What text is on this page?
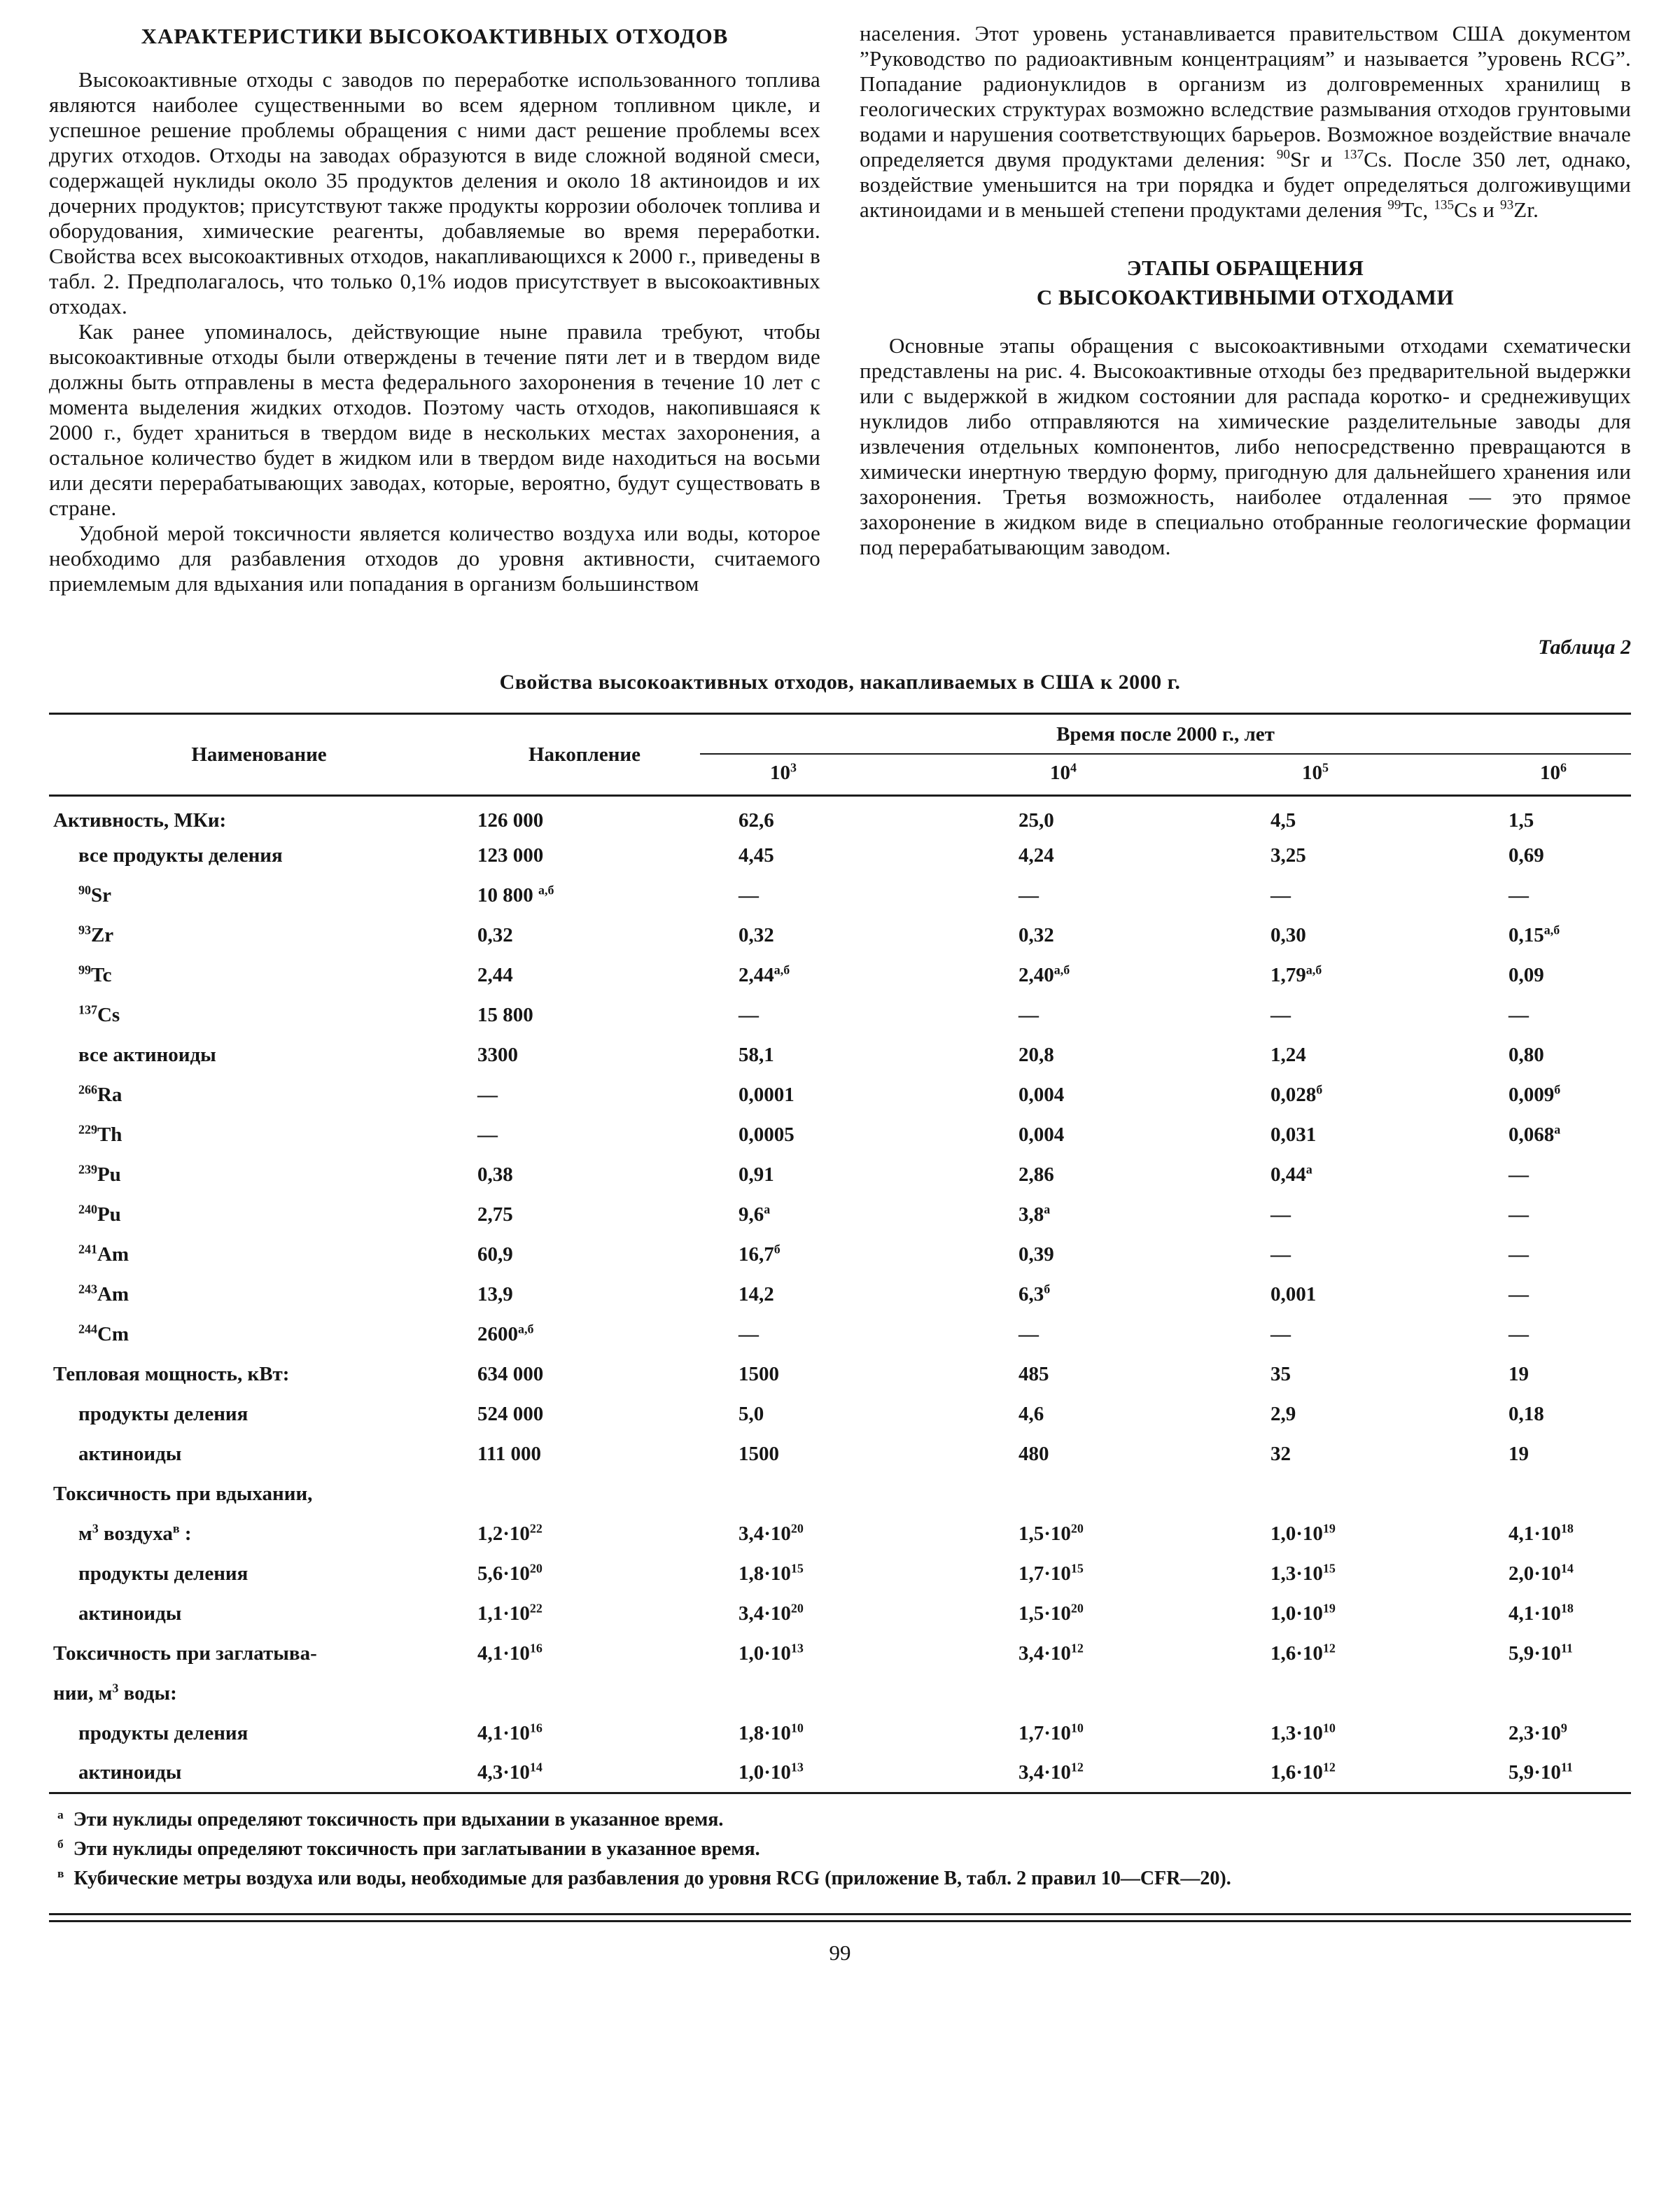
ХАРАКТЕРИСТИКИ ВЫСОКОАКТИВНЫХ ОТХОДОВ

Высокоактивные отходы с заводов по переработке использованного топлива являются наиболее существенными во всем ядерном топливном цикле, и успешное решение проблемы обращения с ними даст решение проблемы всех других отходов. Отходы на заводах образуются в виде сложной водяной смеси, содержащей нуклиды около 35 продуктов деления и около 18 актиноидов и их дочерних продуктов; присутствуют также продукты коррозии оболочек топлива и оборудования, химические реагенты, добавляемые во время переработки. Свойства всех высокоактивных отходов, накапливающихся к 2000 г., приведены в табл. 2. Предполагалось, что только 0,1% иодов присутствует в высокоактивных отходах.

Как ранее упоминалось, действующие ныне правила требуют, чтобы высокоактивные отходы были отверждены в течение пяти лет и в твердом виде должны быть отправлены в места федерального захоронения в течение 10 лет с момента выделения жидких отходов. Поэтому часть отходов, накопившаяся к 2000 г., будет храниться в твердом виде в нескольких местах захоронения, а остальное количество будет в жидком или в твердом виде находиться на восьми или десяти перерабатывающих заводах, которые, вероятно, будут существовать в стране.

Удобной мерой токсичности является количество воздуха или воды, которое необходимо для разбавления отходов до уровня активности, считаемого приемлемым для вдыхания или попадания в организм большинством

населения. Этот уровень устанавливается правительством США документом ”Руководство по радиоактивным концентрациям” и называется ”уровень RCG”. Попадание радионуклидов в организм из долговременных хранилищ в геологических структурах возможно вследствие размывания отходов грунтовыми водами и нарушения соответствующих барьеров. Возможное воздействие вначале определяется двумя продуктами деления: $^{90}$Sr и $^{137}$Cs. После 350 лет, однако, воздействие уменьшится на три порядка и будет определяться долгоживущими актиноидами и в меньшей степени продуктами деления $^{99}$Tc, $^{135}$Cs и $^{93}$Zr.

ЭТАПЫ ОБРАЩЕНИЯ
С ВЫСОКОАКТИВНЫМИ ОТХОДАМИ

Основные этапы обращения с высокоактивными отходами схематически представлены на рис. 4. Высокоактивные отходы без предварительной выдержки или с выдержкой в жидком состоянии для распада коротко- и среднеживущих нуклидов либо отправляются на химические разделительные заводы для извлечения отдельных компонентов, либо непосредственно превращаются в химически инертную твердую форму, пригодную для дальнейшего хранения или захоронения. Третья возможность, наиболее отдаленная — это прямое захоронение в жидком виде в специально отобранные геологические формации под перерабатывающим заводом.

Таблица 2
Свойства высокоактивных отходов, накапливаемых в США к 2000 г.
Наименование	Накопление	Время после 2000 г., лет			
		$10^3$	$10^4$	$10^5$	$10^6$
Активность, МКи:	126 000	62,6	25,0	4,5	1,5
все продукты деления	123 000	4,45	4,24	3,25	0,69
$^{90}$Sr	10 800 $^{а,б}$	—	—	—	—
$^{93}$Zr	0,32	0,32	0,32	0,30	$0,15^{а,б}$
$^{99}$Tc	2,44	$2,44^{а,б}$	$2,40^{а,б}$	$1,79^{а,б}$	0,09
$^{137}$Cs	15 800	—	—	—	—
все актиноиды	3300	58,1	20,8	1,24	0,80
$^{266}$Ra	—	0,0001	0,004	$0,028^б$	$0,009^б$
$^{229}$Th	—	0,0005	0,004	0,031	$0,068^а$
$^{239}$Pu	0,38	0,91	2,86	$0,44^а$	—
$^{240}$Pu	2,75	$9,6^а$	$3,8^а$	—	—
$^{241}$Am	60,9	$16,7^б$	0,39	—	—
$^{243}$Am	13,9	14,2	$6,3^б$	0,001	—
$^{244}$Cm	$2600^{а,б}$	—	—	—	—
Тепловая мощность, кВт:	634 000	1500	485	35	19
продукты деления	524 000	5,0	4,6	2,9	0,18
актиноиды	111 000	1500	480	32	19
Токсичность при вдыхании,					
$м^3$ воздуха$^в$ :	$1,2\cdot 10^{22}$	$3,4\cdot 10^{20}$	$1,5\cdot 10^{20}$	$1,0\cdot 10^{19}$	$4,1\cdot 10^{18}$
продукты деления	$5,6\cdot 10^{20}$	$1,8\cdot 10^{15}$	$1,7\cdot 10^{15}$	$1,3\cdot 10^{15}$	$2,0\cdot 10^{14}$
актиноиды	$1,1\cdot 10^{22}$	$3,4\cdot 10^{20}$	$1,5\cdot 10^{20}$	$1,0\cdot 10^{19}$	$4,1\cdot 10^{18}$
Токсичность при заглатыва-	$4,1\cdot 10^{16}$	$1,0\cdot 10^{13}$	$3,4\cdot 10^{12}$	$1,6\cdot 10^{12}$	$5,9\cdot 10^{11}$
нии, $м^3$ воды:					
продукты деления	$4,1\cdot 10^{16}$	$1,8\cdot 10^{10}$	$1,7\cdot 10^{10}$	$1,3\cdot 10^{10}$	$2,3\cdot 10^9$
актиноиды	$4,3\cdot 10^{14}$	$1,0\cdot 10^{13}$	$3,4\cdot 10^{12}$	$1,6\cdot 10^{12}$	$5,9\cdot 10^{11}$
$^а$ Эти нуклиды определяют токсичность при вдыхании в указанное время.
$^б$ Эти нуклиды определяют токсичность при заглатывании в указанное время.
$^в$ Кубические метры воздуха или воды, необходимые для разбавления до уровня RCG (приложение В, табл. 2 правил 10—CFR—20).
99
